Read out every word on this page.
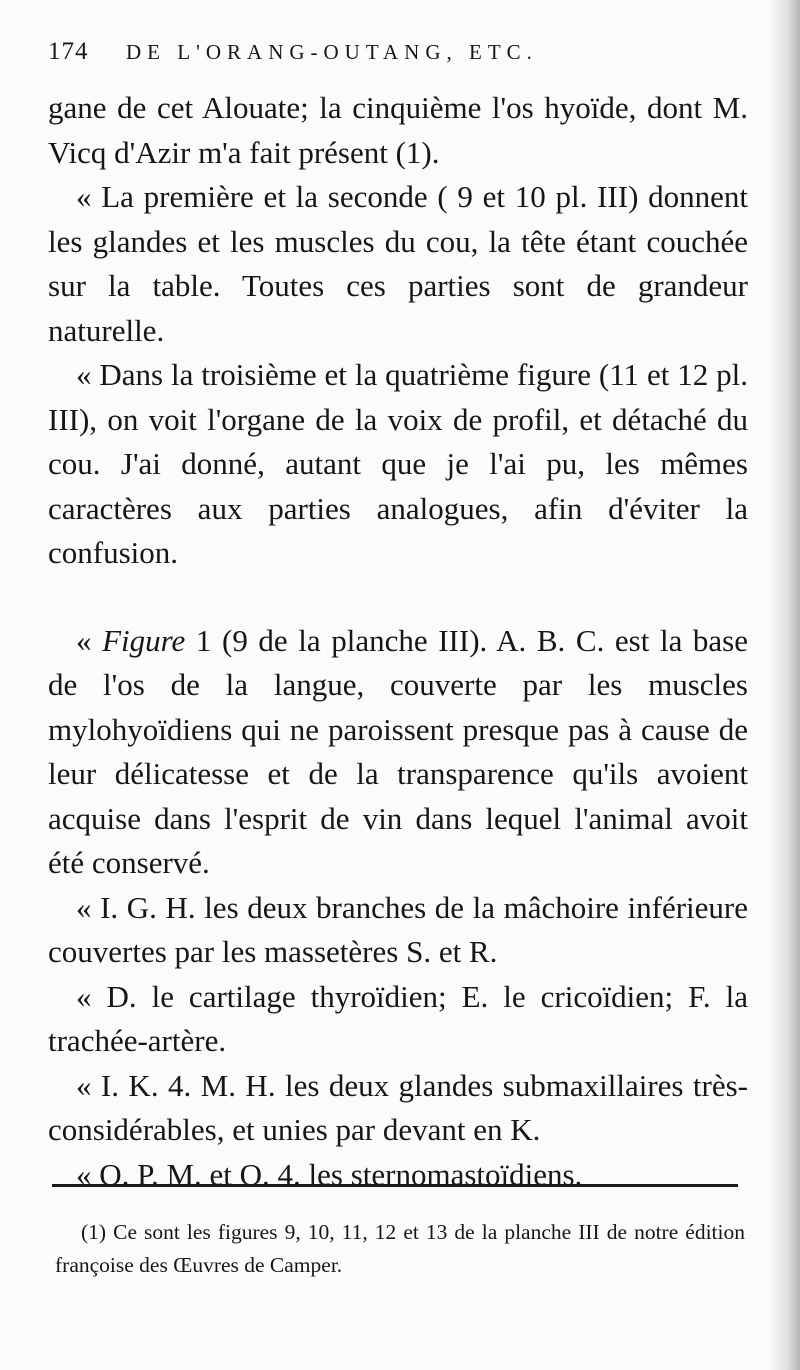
174	DE L'ORANG-OUTANG, ETC.

gane de cet Alouate; la cinquième l'os hyoïde, dont M. Vicq d'Azir m'a fait présent (1).

« La première et la seconde ( 9 et 10 pl. III) donnent les glandes et les muscles du cou, la tête étant couchée sur la table. Toutes ces parties sont de grandeur naturelle.

« Dans la troisième et la quatrième figure (11 et 12 pl. III), on voit l'organe de la voix de profil, et détaché du cou. J'ai donné, autant que je l'ai pu, les mêmes caractères aux parties analogues, afin d'éviter la confusion.

« Figure 1 (9 de la planche III). A. B. C. est la base de l'os de la langue, couverte par les muscles mylohyoïdiens qui ne paroissent presque pas à cause de leur délicatesse et de la transparence qu'ils avoient acquise dans l'esprit de vin dans lequel l'animal avoit été conservé.

« I. G. H. les deux branches de la mâchoire inférieure couvertes par les massetères S. et R.

« D. le cartilage thyroïdien; E. le cricoïdien; F. la trachée-artère.

« I. K. 4. M. H. les deux glandes submaxillaires très-considérables, et unies par devant en K.

« O. P. M. et O. 4. les sternomastoïdiens.

(1) Ce sont les figures 9, 10, 11, 12 et 13 de la planche III de notre édition françoise des Œuvres de Camper.
